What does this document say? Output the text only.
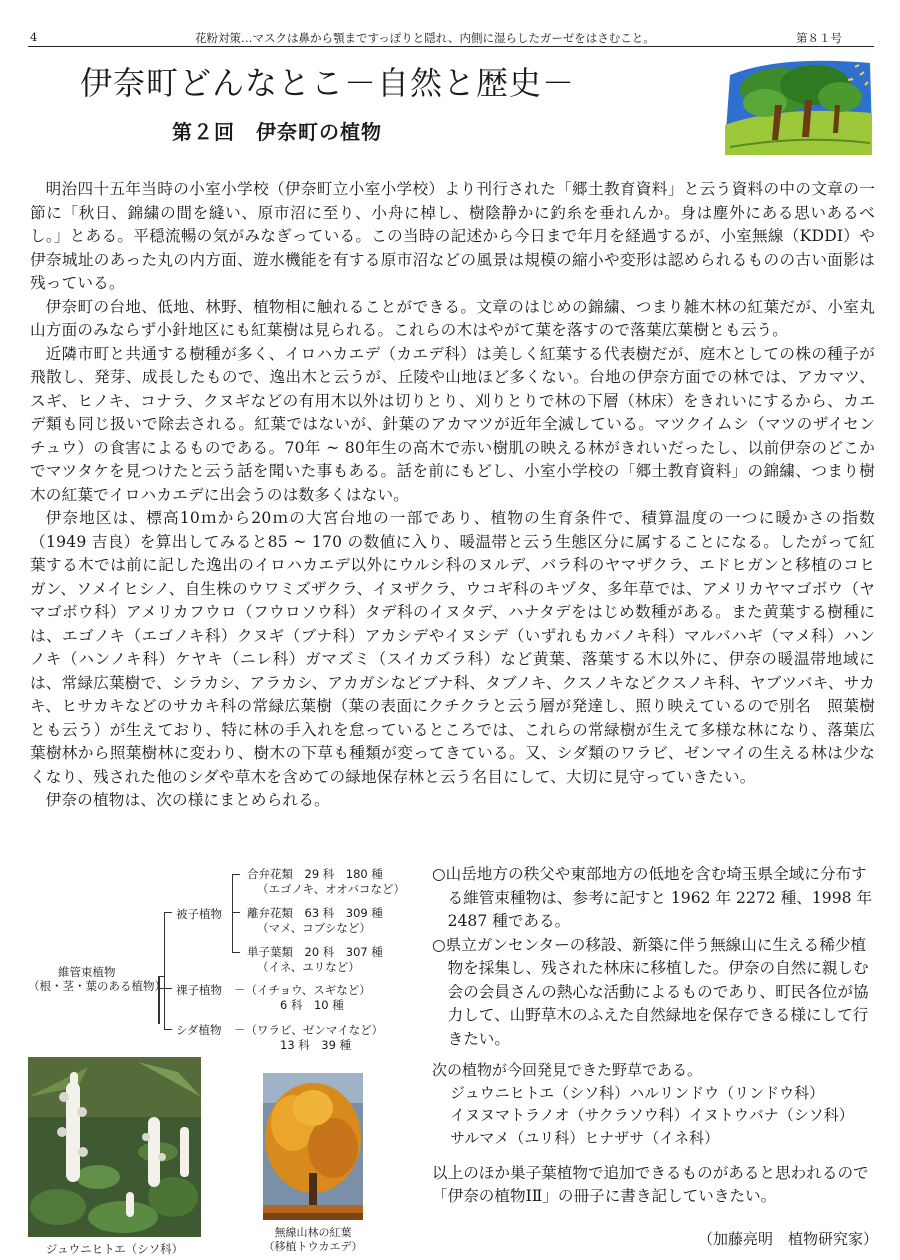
4	花粉対策…マスクは鼻から顎まですっぽりと隠れ、内側に湿らしたガーゼをはさむこと。	第８１号
伊奈町どんなとこ－自然と歴史－
第２回　伊奈町の植物

明治四十五年当時の小室小学校（伊奈町立小室小学校）より刊行された「郷土教育資料」と云う資料の中の文章の一節に「秋日、錦繍の間を縫い、原市沼に至り、小舟に棹し、樹陰静かに釣糸を垂れんか。身は塵外にある思いあるべし。」とある。平穏流暢の気がみなぎっている。この当時の記述から今日まで年月を経過するが、小室無線（KDDI）や伊奈城址のあった丸の内方面、遊水機能を有する原市沼などの風景は規模の縮小や変形は認められるものの古い面影は残っている。

伊奈町の台地、低地、林野、植物相に触れることができる。文章のはじめの錦繍、つまり雑木林の紅葉だが、小室丸山方面のみならず小針地区にも紅葉樹は見られる。これらの木はやがて葉を落すので落葉広葉樹とも云う。

近隣市町と共通する樹種が多く、イロハカエデ（カエデ科）は美しく紅葉する代表樹だが、庭木としての株の種子が飛散し、発芽、成長したもので、逸出木と云うが、丘陵や山地ほど多くない。台地の伊奈方面での林では、アカマツ、スギ、ヒノキ、コナラ、クヌギなどの有用木以外は切りとり、刈りとりで林の下層（林床）をきれいにするから、カエデ類も同じ扱いで除去される。紅葉ではないが、針葉のアカマツが近年全滅している。マツクイムシ（マツのザイセンチュウ）の食害によるものである。70年 ~ 80年生の高木で赤い樹肌の映える林がきれいだったし、以前伊奈のどこかでマツタケを見つけたと云う話を聞いた事もある。話を前にもどし、小室小学校の「郷土教育資料」の錦繍、つまり樹木の紅葉でイロハカエデに出会うのは数多くはない。

伊奈地区は、標高10ｍから20ｍの大宮台地の一部であり、植物の生育条件で、積算温度の一つに暖かさの指数（1949 吉良）を算出してみると85 ~ 170 の数値に入り、暖温帯と云う生態区分に属することになる。したがって紅葉する木では前に記した逸出のイロハカエデ以外にウルシ科のヌルデ、バラ科のヤマザクラ、エドヒガンと移植のコヒガン、ソメイヒシノ、自生株のウワミズザクラ、イヌザクラ、ウコギ科のキヅタ、多年草では、アメリカヤマゴボウ（ヤマゴボウ科）アメリカフウロ（フウロソウ科）タデ科のイヌタデ、ハナタデをはじめ数種がある。また黄葉する樹種には、エゴノキ（エゴノキ科）クヌギ（ブナ科）アカシデやイヌシデ（いずれもカバノキ科）マルバハギ（マメ科）ハンノキ（ハンノキ科）ケヤキ（ニレ科）ガマズミ（スイカズラ科）など黄葉、落葉する木以外に、伊奈の暖温帯地域には、常緑広葉樹で、シラカシ、アラカシ、アカガシなどブナ科、タブノキ、クスノキなどクスノキ科、ヤブツバキ、サカキ、ヒサカキなどのサカキ科の常緑広葉樹（葉の表面にクチクラと云う層が発達し、照り映えているので別名　照葉樹　とも云う）が生えており、特に林の手入れを怠っているところでは、これらの常緑樹が生えて多様な林になり、落葉広葉樹林から照葉樹林に変わり、樹木の下草も種類が変ってきている。又、シダ類のワラビ、ゼンマイの生える林は少なくなり、残された他のシダや草木を含めての緑地保存林と云う名目にして、大切に見守っていきたい。

伊奈の植物は、次の様にまとめられる。

維管束植物
（根・茎・葉のある植物）
被子植物
合弁花類　29 科　180 種
（エゴノキ、オオバコなど）
離弁花類　63 科　309 種
（マメ、コブシなど）
単子葉類　20 科　307 種
（イネ、ユリなど）
裸子植物 －（イチョウ、スギなど）
6 科　10 種
シダ植物 －（ワラビ、ゼンマイなど）
13 科　39 種

○山岳地方の秩父や東部地方の低地を含む埼玉県全域に分布する維管束種物は、参考に記すと 1962 年 2272 種、1998 年 2487 種である。

○県立ガンセンターの移設、新築に伴う無線山に生える稀少植物を採集し、残された林床に移植した。伊奈の自然に親しむ会の会員さんの熱心な活動によるものであり、町民各位が協力して、山野草木のふえた自然緑地を保存できる様にして行きたい。

次の植物が今回発見できた野草である。
ジュウニヒトエ（シソ科）ハルリンドウ（リンドウ科）
イヌヌマトラノオ（サクラソウ科）イヌトウバナ（シソ科）
サルマメ（ユリ科）ヒナザサ（イネ科）
以上のほか巣子葉植物で追加できるものがあると思われるので「伊奈の植物ⅠⅡ」の冊子に書き記していきたい。
（加藤亮明　植物研究家）
ジュウニヒトエ（シソ科）
無線山林の紅葉
（移植トウカエデ）
